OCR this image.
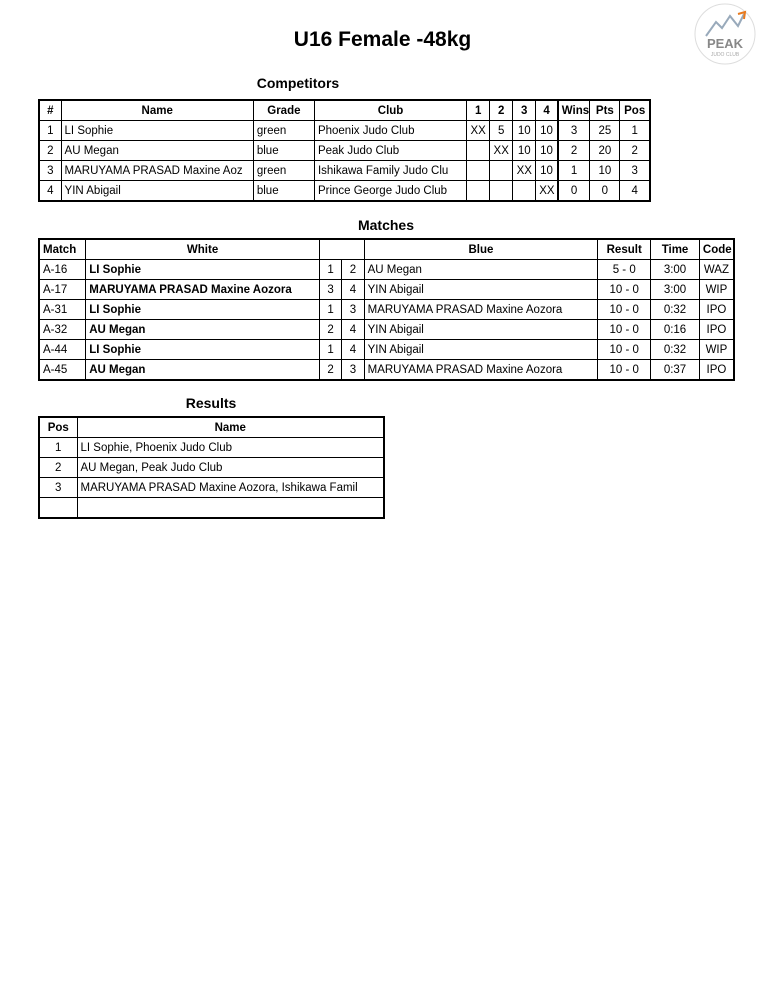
U16 Female -48kg	PEAK
JUDO CLUB
Competitors
#	Name	Grade	Club	1	2	3	4	Wins	Pts	Pos
1	LI Sophie	green	Phoenix Judo Club	XX	5	10	10	3	25	1
2	AU Megan	blue	Peak Judo Club		XX	10	10	2	20	2
3	MARUYAMA PRASAD Maxine Aoz	green	Ishikawa Family Judo Clu			XX	10	1	10	3
4	YIN Abigail	blue	Prince George Judo Club				XX	0	0	4
Matches
Match	White			Blue	Result	Time	Code
A-16	LI Sophie	1	2	AU Megan	5 - 0	3:00	WAZ
A-17	MARUYAMA PRASAD Maxine Aozora	3	4	YIN Abigail	10 - 0	3:00	WIP
A-31	LI Sophie	1	3	MARUYAMA PRASAD Maxine Aozora	10 - 0	0:32	IPO
A-32	AU Megan	2	4	YIN Abigail	10 - 0	0:16	IPO
A-44	LI Sophie	1	4	YIN Abigail	10 - 0	0:32	WIP
A-45	AU Megan	2	3	MARUYAMA PRASAD Maxine Aozora	10 - 0	0:37	IPO
Results
Pos	Name
1	LI Sophie, Phoenix Judo Club
2	AU Megan, Peak Judo Club
3	MARUYAMA PRASAD Maxine Aozora, Ishikawa Famil
